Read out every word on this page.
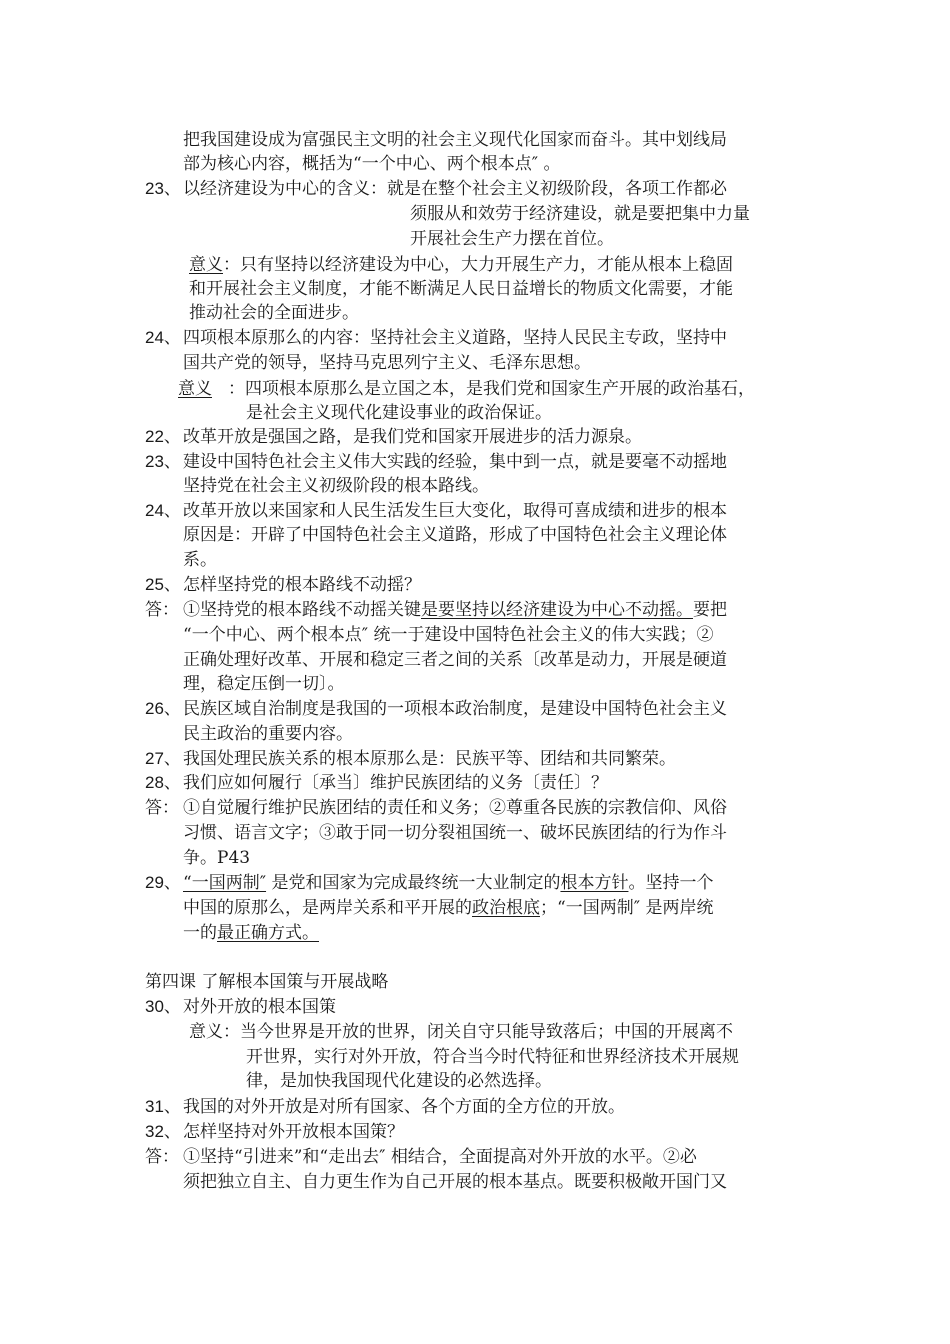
把我国建设成为富强民主文明的社会主义现代化国家而奋斗。其中划线局
部为核心内容，概括为“一个中心、两个根本点″ 。
23、 以经济建设为中心的含义：就是在整个社会主义初级阶段，各项工作都必
须服从和效劳于经济建设，就是要把集中力量
开展社会生产力摆在首位。
意义 ：只有坚持以经济建设为中心，大力开展生产力，才能从根本上稳固
和开展社会主义制度，才能不断满足人民日益增长的物质文化需要，才能
推动社会的全面进步。
24、 四项根本原那么的内容：坚持社会主义道路，坚持人民民主专政，坚持中
国共产党的领导，坚持马克思列宁主义、毛泽东思想。
意义 ：四项根本原那么是立国之本，是我们党和国家生产开展的政治基石，
是社会主义现代化建设事业的政治保证。
22、 改革开放是强国之路，是我们党和国家开展进步的活力源泉。
23、 建设中国特色社会主义伟大实践的经验，集中到一点，就是要毫不动摇地
坚持党在社会主义初级阶段的根本路线。
24、 改革开放以来国家和人民生活发生巨大变化，取得可喜成绩和进步的根本
原因是：开辟了中国特色社会主义道路，形成了中国特色社会主义理论体
系。
25、 怎样坚持党的根本路线不动摇？
答： ①坚持党的根本路线不动摇关键是要坚持以经济建设为中心不动摇。要把
“一个中心、两个根本点″ 统一于建设中国特色社会主义的伟大实践；②
正确处理好改革、开展和稳定三者之间的关系〔改革是动力，开展是硬道
理，稳定压倒一切〕。
26、 民族区域自治制度是我国的一项根本政治制度，是建设中国特色社会主义
民主政治的重要内容。
27、 我国处理民族关系的根本原那么是：民族平等、团结和共同繁荣。
28、 我们应如何履行〔承当〕维护民族团结的义务〔责任〕？
答： ①自觉履行维护民族团结的责任和义务；②尊重各民族的宗教信仰、风俗
习惯、语言文字；③敢于同一切分裂祖国统一、破坏民族团结的行为作斗
争。P43
29、 “一国两制″ 是党和国家为完成最终统一大业制定的根本方针。坚持一个
中国的原那么，是两岸关系和平开展的政治根底；“一国两制″ 是两岸统
一的最正确方式。
第四课 了解根本国策与开展战略
30、 对外开放的根本国策
意义：当今世界是开放的世界，闭关自守只能导致落后；中国的开展离不
开世界，实行对外开放，符合当今时代特征和世界经济技术开展规
律，是加快我国现代化建设的必然选择。
31、 我国的对外开放是对所有国家、各个方面的全方位的开放。
32、 怎样坚持对外开放根本国策？
答： ①坚持“引进来”和“走出去″ 相结合，全面提高对外开放的水平。②必
须把独立自主、自力更生作为自己开展的根本基点。既要积极敞开国门又
